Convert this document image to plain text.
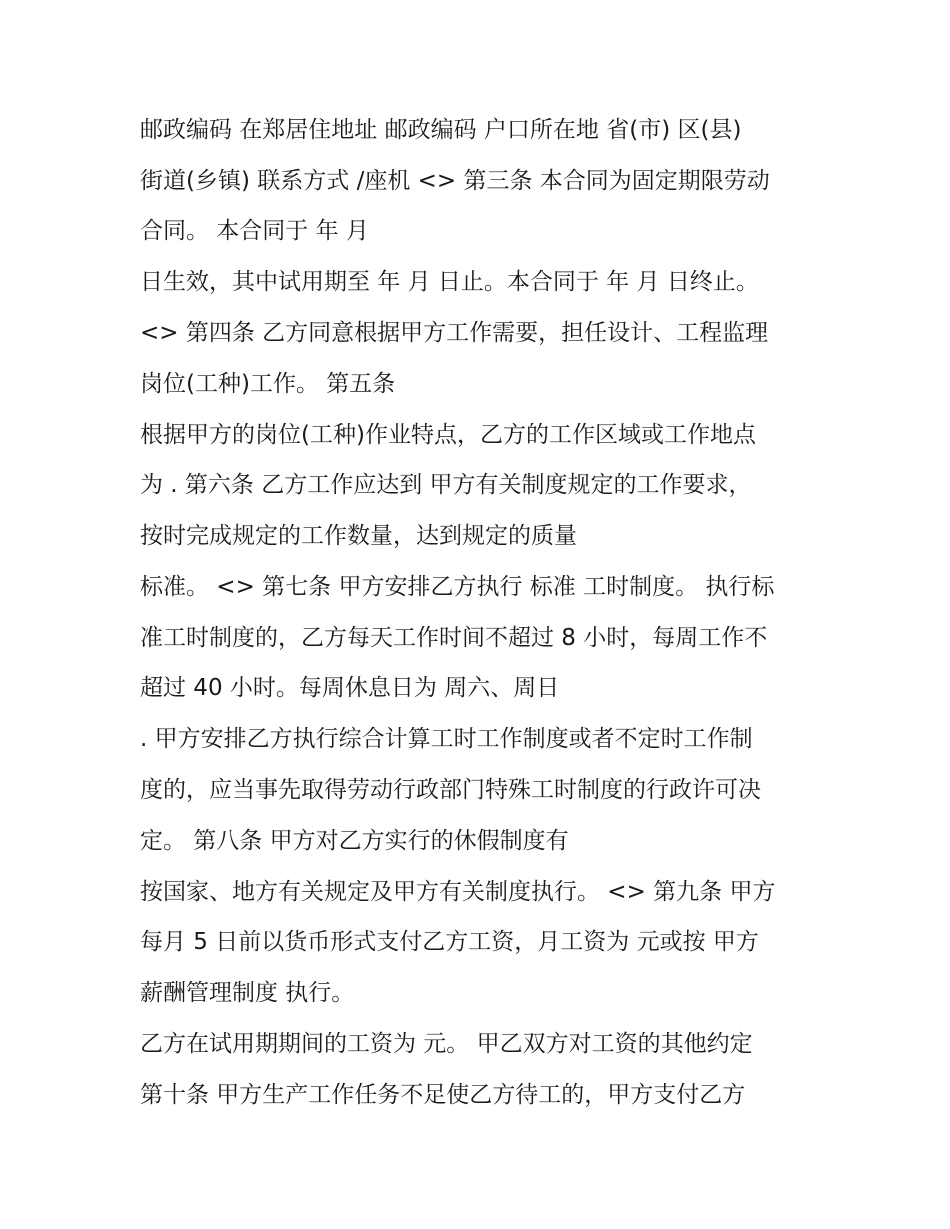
邮政编码 在郑居住地址 邮政编码 户口所在地 省(市) 区(县)

街道(乡镇) 联系方式 /座机 <> 第三条 本合同为固定期限劳动

合同。 本合同于 年 月

日生效，其中试用期至 年 月 日止。本合同于 年 月 日终止。

<> 第四条 乙方同意根据甲方工作需要，担任设计、工程监理

岗位(工种)工作。 第五条

根据甲方的岗位(工种)作业特点，乙方的工作区域或工作地点

为 . 第六条 乙方工作应达到 甲方有关制度规定的工作要求，

按时完成规定的工作数量，达到规定的质量

标准。 <> 第七条 甲方安排乙方执行 标准 工时制度。 执行标

准工时制度的，乙方每天工作时间不超过 8 小时，每周工作不

超过 40 小时。每周休息日为 周六、周日

. 甲方安排乙方执行综合计算工时工作制度或者不定时工作制

度的，应当事先取得劳动行政部门特殊工时制度的行政许可决

定。 第八条 甲方对乙方实行的休假制度有

按国家、地方有关规定及甲方有关制度执行。 <> 第九条 甲方

每月 5 日前以货币形式支付乙方工资，月工资为 元或按 甲方

薪酬管理制度 执行。

乙方在试用期期间的工资为 元。 甲乙双方对工资的其他约定

第十条 甲方生产工作任务不足使乙方待工的，甲方支付乙方
